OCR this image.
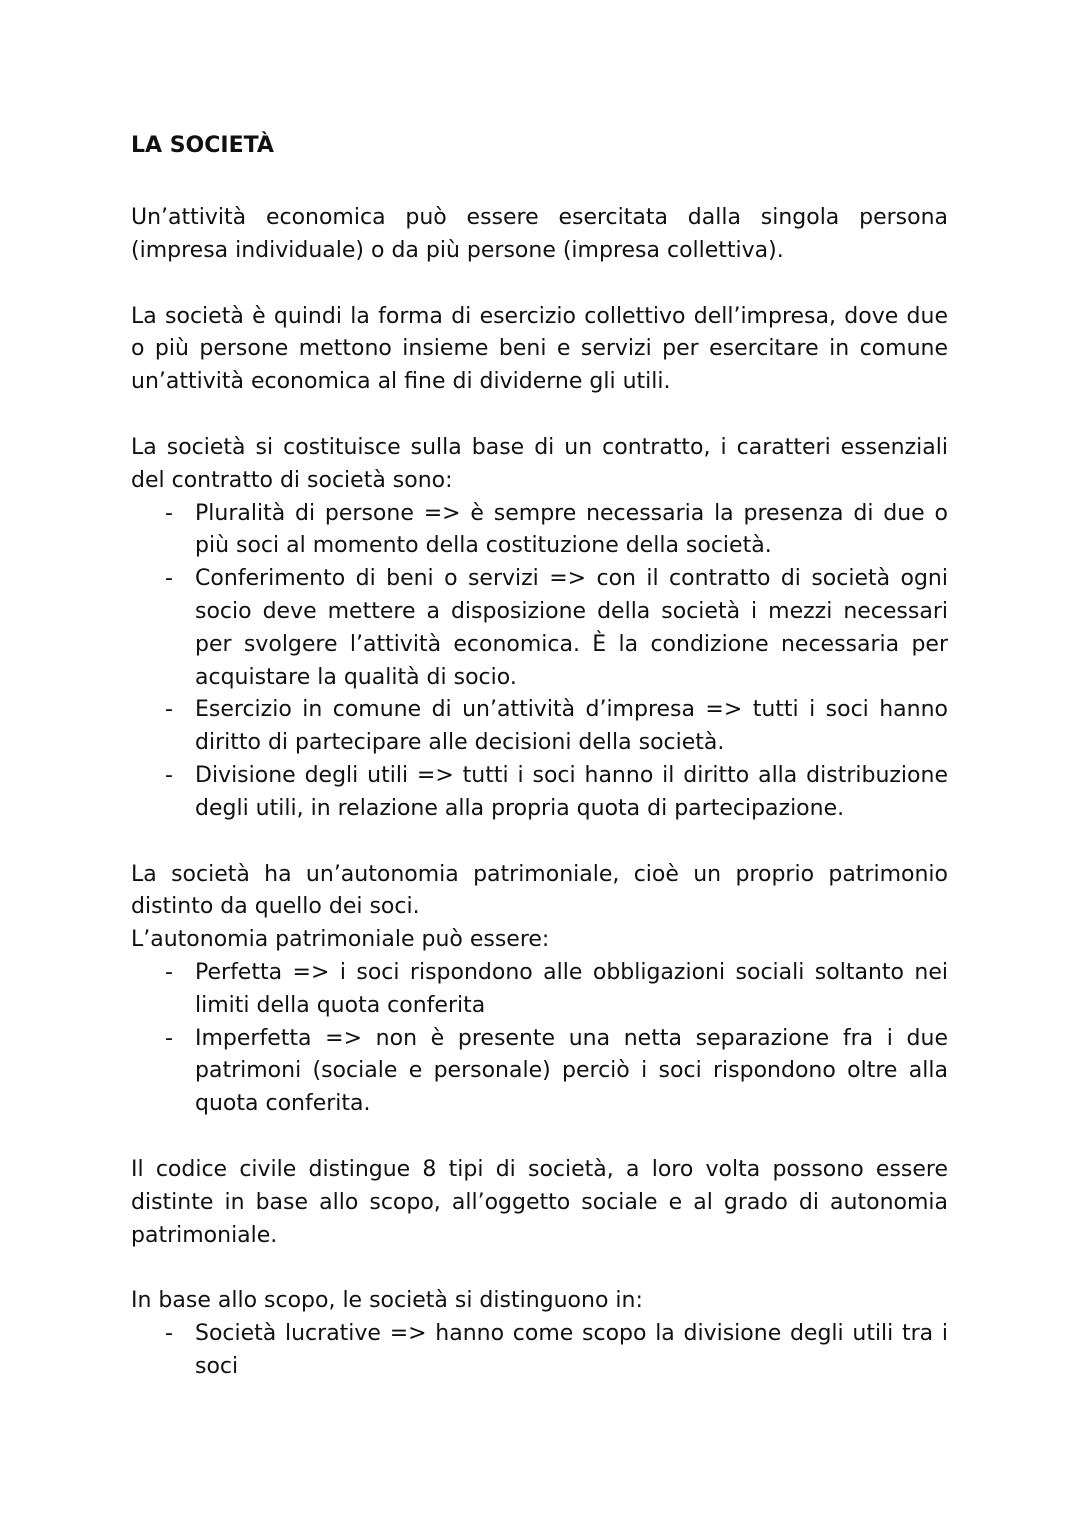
LA SOCIETÀ

Un’attività economica può essere esercitata dalla singola persona (impresa individuale) o da più persone (impresa collettiva).

La società è quindi la forma di esercizio collettivo dell’impresa, dove due o più persone mettono insieme beni e servizi per esercitare in comune un’attività economica al fine di dividerne gli utili.

La società si costituisce sulla base di un contratto, i caratteri essenziali del contratto di società sono:

- Pluralità di persone => è sempre necessaria la presenza di due o più soci al momento della costituzione della società.
- Conferimento di beni o servizi => con il contratto di società ogni socio deve mettere a disposizione della società i mezzi necessari per svolgere l’attività economica. È la condizione necessaria per acquistare la qualità di socio.
- Esercizio in comune di un’attività d’impresa => tutti i soci hanno diritto di partecipare alle decisioni della società.
- Divisione degli utili => tutti i soci hanno il diritto alla distribuzione degli utili, in relazione alla propria quota di partecipazione.

La società ha un’autonomia patrimoniale, cioè un proprio patrimonio distinto da quello dei soci.

L’autonomia patrimoniale può essere:

- Perfetta => i soci rispondono alle obbligazioni sociali soltanto nei limiti della quota conferita
- Imperfetta => non è presente una netta separazione fra i due patrimoni (sociale e personale) perciò i soci rispondono oltre alla quota conferita.

Il codice civile distingue 8 tipi di società, a loro volta possono essere distinte in base allo scopo, all’oggetto sociale e al grado di autonomia patrimoniale.

In base allo scopo, le società si distinguono in:

- Società lucrative => hanno come scopo la divisione degli utili tra i soci
